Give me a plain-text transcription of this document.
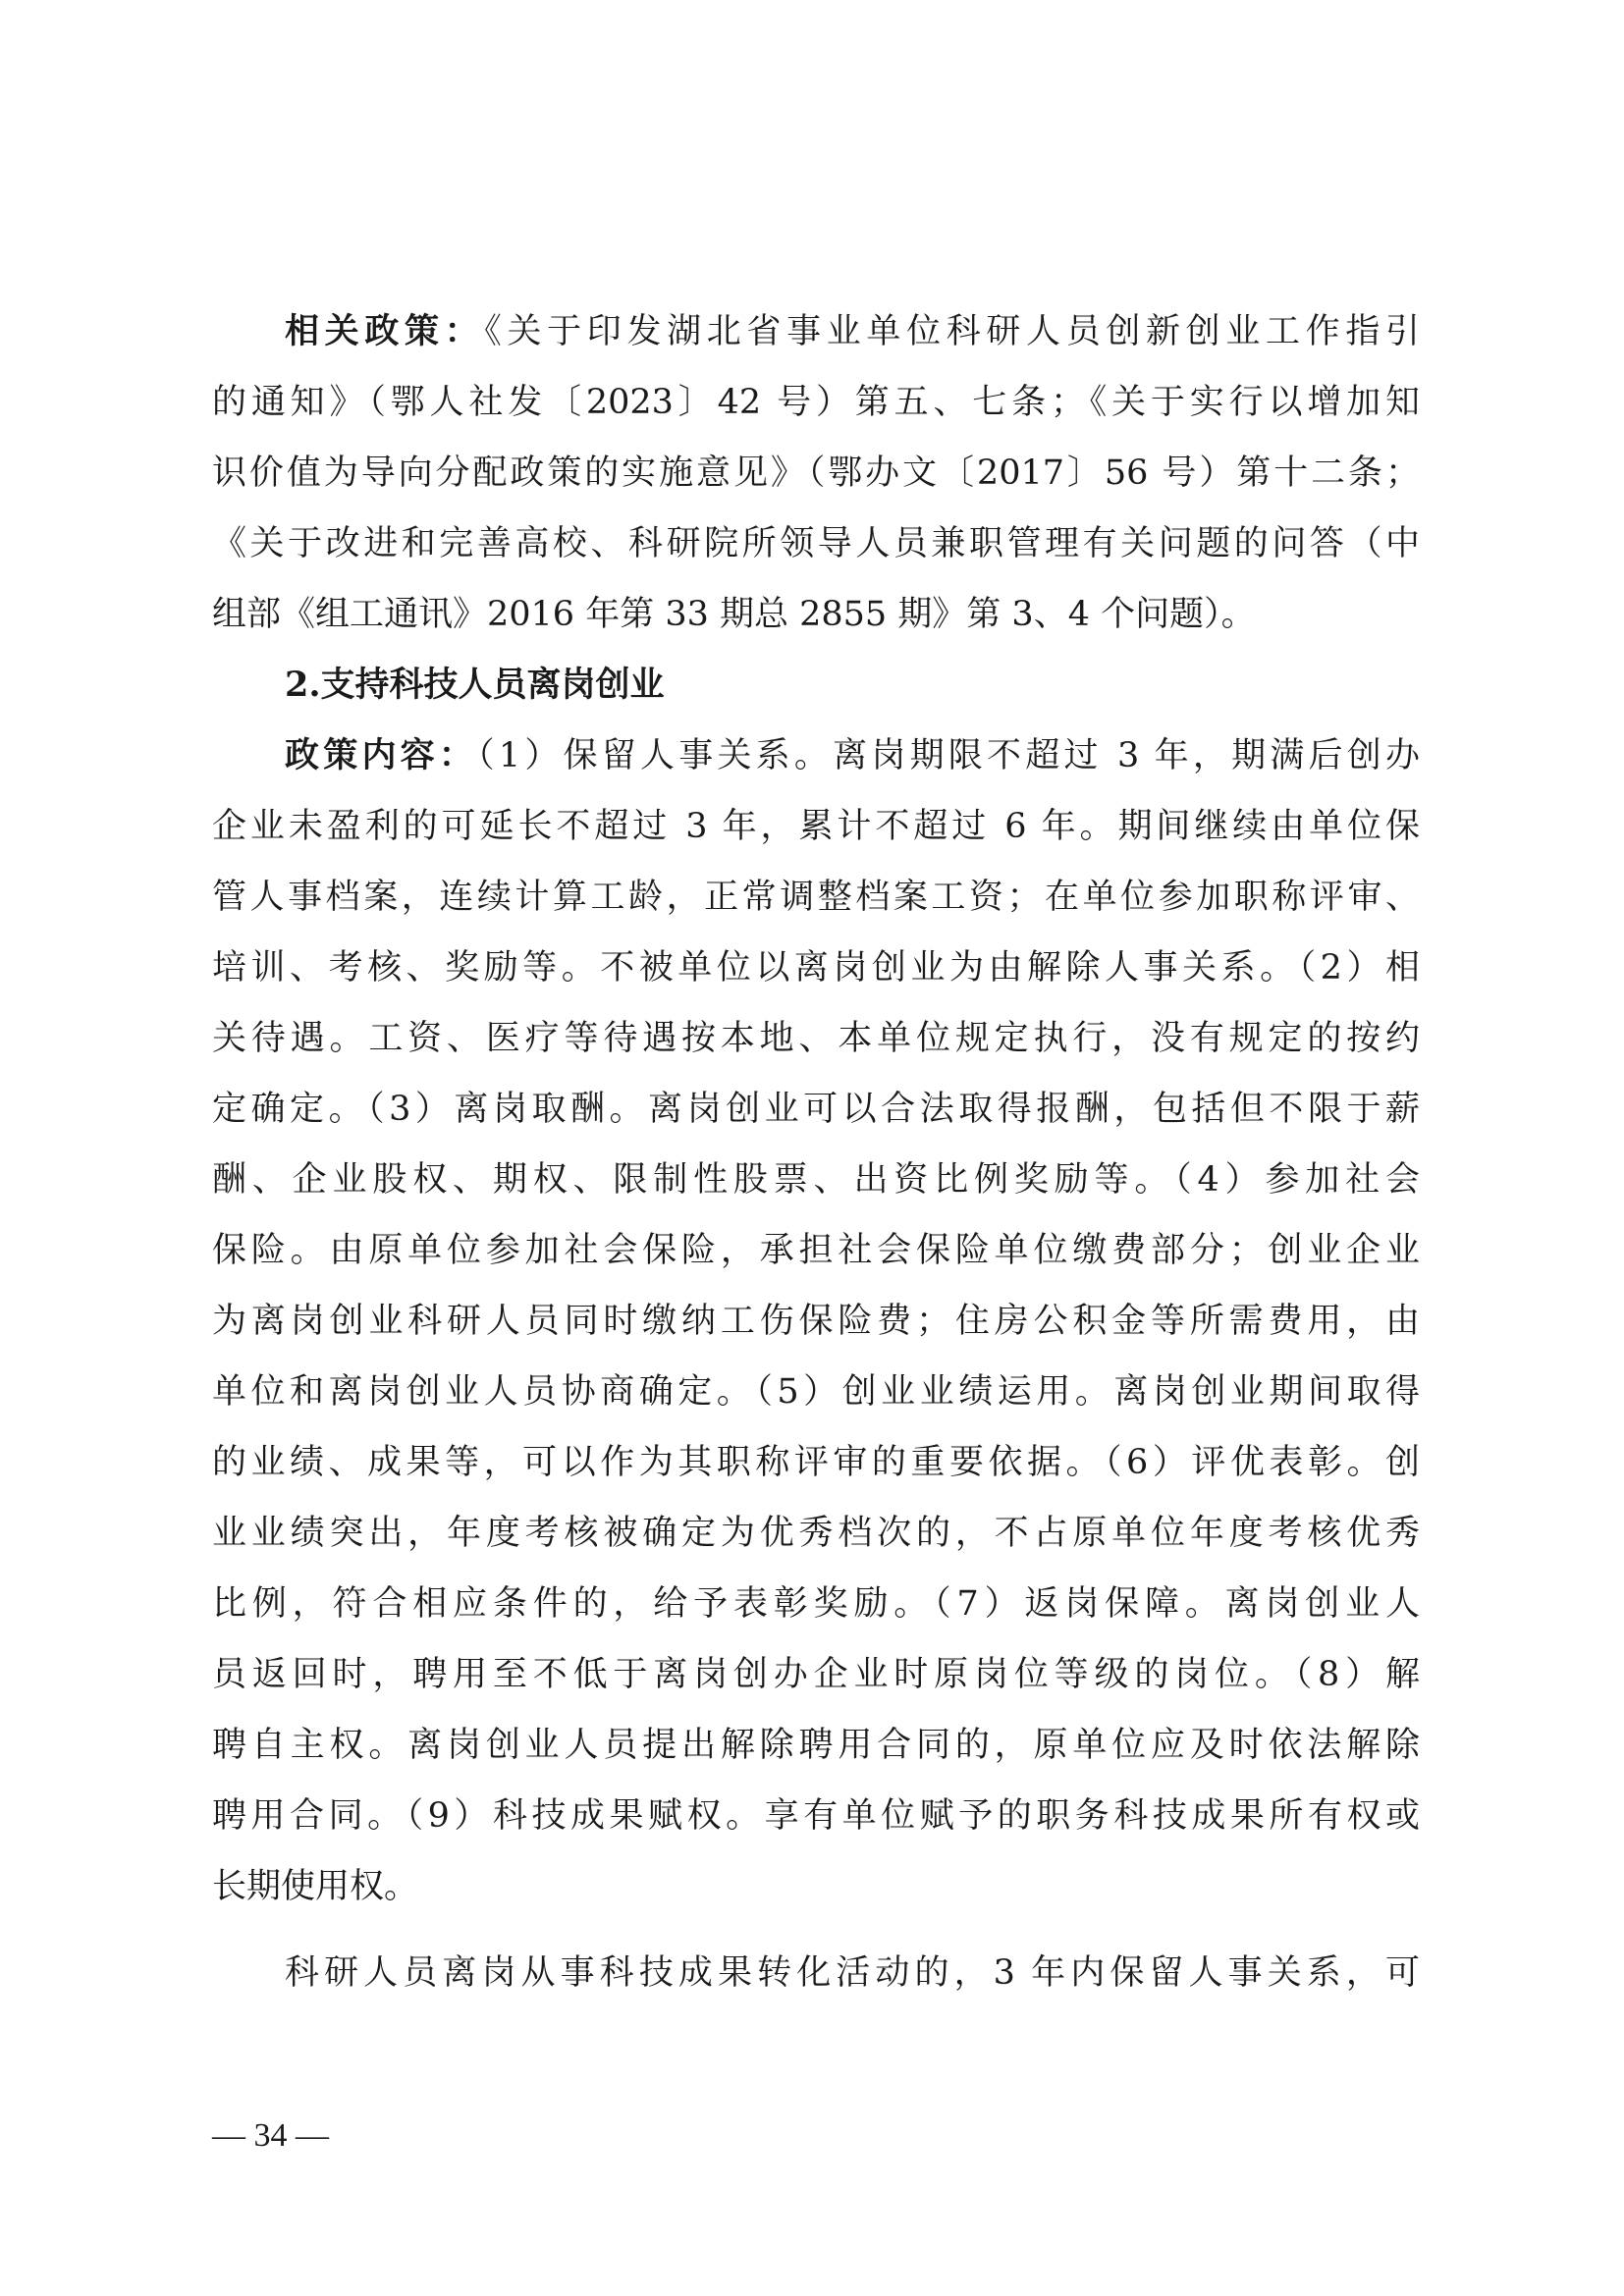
相关政策：《关于印发湖北省事业单位科研人员创新创业工作指引
的通知》（鄂人社发〔2023〕42 号）第五、七条；《关于实行以增加知
识价值为导向分配政策的实施意见》（鄂办文〔2017〕56 号）第十二条；
《关于改进和完善高校、科研院所领导人员兼职管理有关问题的问答（中
组部《组工通讯》2016 年第 33 期总 2855 期》第 3、4 个问题）。
2.支持科技人员离岗创业
政策内容：（1）保留人事关系。离岗期限不超过 3 年，期满后创办
企业未盈利的可延长不超过 3 年，累计不超过 6 年。期间继续由单位保
管人事档案，连续计算工龄，正常调整档案工资；在单位参加职称评审、
培训、考核、奖励等。不被单位以离岗创业为由解除人事关系。（2）相
关待遇。工资、医疗等待遇按本地、本单位规定执行，没有规定的按约
定确定。（3）离岗取酬。离岗创业可以合法取得报酬，包括但不限于薪
酬、企业股权、期权、限制性股票、出资比例奖励等。（4）参加社会
保险。由原单位参加社会保险，承担社会保险单位缴费部分；创业企业
为离岗创业科研人员同时缴纳工伤保险费；住房公积金等所需费用，由
单位和离岗创业人员协商确定。（5）创业业绩运用。离岗创业期间取得
的业绩、成果等，可以作为其职称评审的重要依据。（6）评优表彰。创
业业绩突出，年度考核被确定为优秀档次的，不占原单位年度考核优秀
比例，符合相应条件的，给予表彰奖励。（7）返岗保障。离岗创业人
员返回时，聘用至不低于离岗创办企业时原岗位等级的岗位。（8）解
聘自主权。离岗创业人员提出解除聘用合同的，原单位应及时依法解除
聘用合同。（9）科技成果赋权。享有单位赋予的职务科技成果所有权或
长期使用权。
科研人员离岗从事科技成果转化活动的，3 年内保留人事关系，可
— 34 —
